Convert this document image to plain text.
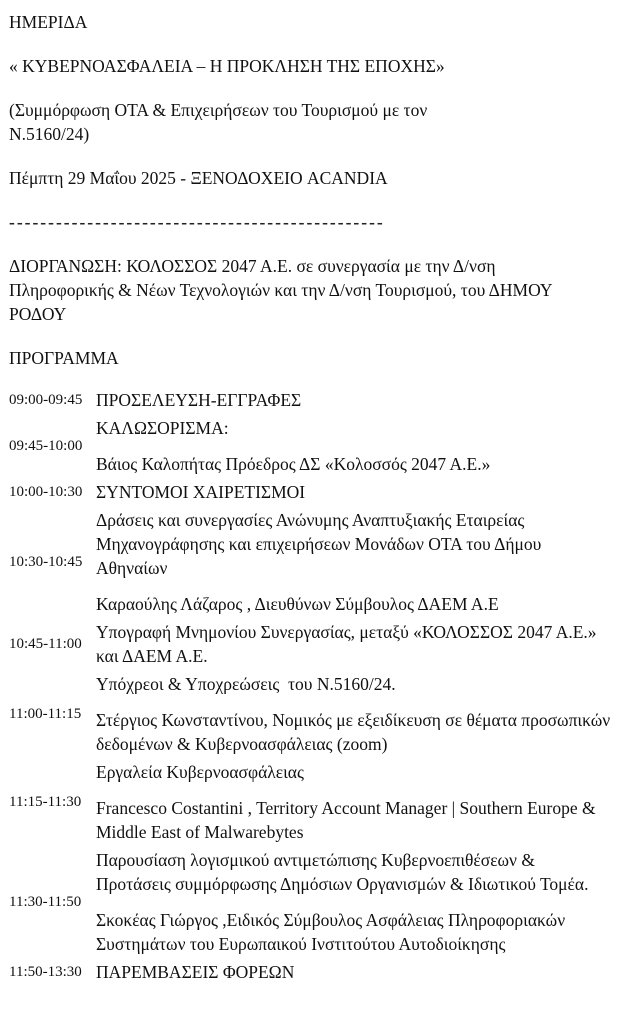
ΗΜΕΡΙΔΑ

« ΚΥΒΕΡΝΟΑΣΦΑΛΕΙΑ – Η ΠΡΟΚΛΗΣΗ ΤΗΣ ΕΠΟΧΗΣ»

(Συμμόρφωση ΟΤΑ & Επιχειρήσεων του Τουρισμού με τον Ν.5160/24)

Πέμπτη 29 Μαΐου 2025 - ΞΕΝΟΔΟΧΕΙΟ ACANDIA

------------------------------------------------

ΔΙΟΡΓΑΝΩΣΗ: ΚΟΛΟΣΣΟΣ 2047 Α.Ε. σε συνεργασία με την Δ/νση Πληροφορικής & Νέων Τεχνολογιών και την Δ/νση Τουρισμού, του ΔΗΜΟΥ ΡΟΔΟΥ

ΠΡΟΓΡΑΜΜΑ

09:00-09:45 ΠΡΟΣΕΛΕΥΣΗ-ΕΓΓΡΑΦΕΣ
09:45-10:00
ΚΑΛΩΣΟΡΙΣΜΑ:
Βάιος Καλοπήτας Πρόεδρος ΔΣ «Κολοσσός 2047 Α.Ε.»
10:00-10:30 ΣΥΝΤΟΜΟΙ ΧΑΙΡΕΤΙΣΜΟΙ
10:30-10:45
Δράσεις και συνεργασίες Ανώνυμης Αναπτυξιακής Εταιρείας Μηχανογράφησης και επιχειρήσεων Μονάδων ΟΤΑ του Δήμου Αθηναίων
Καραούλης Λάζαρος , Διευθύνων Σύμβουλος ΔΑΕΜ Α.Ε
10:45-11:00
Υπογραφή Μνημονίου Συνεργασίας, μεταξύ «ΚΟΛΟΣΣΟΣ 2047 Α.Ε.» και ΔΑΕΜ Α.Ε.
11:00-11:15
Υπόχρεοι & Υποχρεώσεις  του Ν.5160/24.
Στέργιος Κωνσταντίνου, Νομικός με εξειδίκευση σε θέματα προσωπικών δεδομένων & Κυβερνοασφάλειας (zoom)
11:15-11:30
Εργαλεία Κυβερνοασφάλειας
Francesco Costantini , Territory Account Manager | Southern Europe & Middle East of Malwarebytes
11:30-11:50
Παρουσίαση λογισμικού αντιμετώπισης Κυβερνοεπιθέσεων & Προτάσεις συμμόρφωσης Δημόσιων Οργανισμών & Ιδιωτικού Τομέα.
Σκοκέας Γιώργος ,Ειδικός Σύμβουλος Ασφάλειας Πληροφοριακών Συστημάτων του Ευρωπαικού Ινστιτούτου Αυτοδιοίκησης
11:50-13:30 ΠΑΡΕΜΒΑΣΕΙΣ ΦΟΡΕΩΝ
